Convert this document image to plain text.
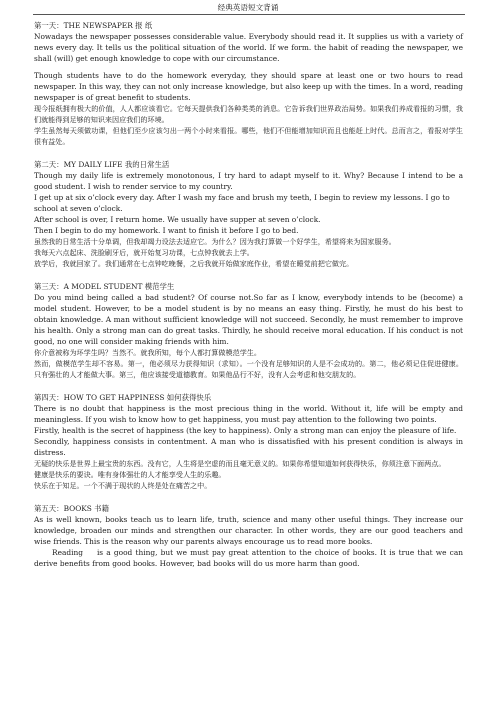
经典英语短文背诵

第一天：THE NEWSPAPER 报 纸

Nowadays the newspaper possesses considerable value. Everybody should read it. It supplies us with a variety of news every day. It tells us the political situation of the world. If we form. the habit of reading the newspaper, we shall (will) get enough knowledge to cope with our circumstance.

Though students have to do the homework everyday, they should spare at least one or two hours to read newspaper. In this way, they can not only increase knowledge, but also keep up with the times. In a word, reading newspaper is of great benefit to students.

现今报纸拥有极大的价值，人人都应该看它。它每天提供我们各种类类的消息。它告诉我们世界政治局势。如果我们养成看报的习惯，我们就能得到足够的知识来因应我们的环境。

学生虽然每天须做功课，但他们至少应该匀出一两个小时来看报。哪些，他们不但能增加知识而且也能赶上时代。总而言之，看报对学生很有益处。

第二天：MY DAILY LIFE 我的日常生活

Though my daily life is extremely monotonous, I try hard to adapt myself to it. Why? Because I intend to be a good student. I wish to render service to my country.

I get up at six o’clock every day. After I wash my face and brush my teeth, I begin to review my lessons. I go to school at seven o’clock.

After school is over, I return home. We usually have supper at seven o’clock.

Then I begin to do my homework. I want to finish it before I go to bed.

虽然我的日常生活十分单调，但我却竭力设法去适应它。为什么？因为我打算做一个好学生，希望将来为国家服务。

我每天六点起床、洗脸刷牙后，就开始复习功课，七点钟我就去上学。

放学后，我就回家了。我们通常在七点钟吃晚餐，之后我就开始做家庭作业，希望在睡觉前把它做完。

第三天：A MODEL STUDENT 模范学生

Do you mind being called a bad student? Of course not.So far as I know, everybody intends to be (become) a model student. However, to be a model student is by no means an easy thing. Firstly, he must do his best to obtain knowledge. A man without sufficient knowledge will not succeed. Secondly, he must remember to improve his health. Only a strong man can do great tasks. Thirdly, he should receive moral education. If his conduct is not good, no one will consider making friends with him.

你介意被称为坏学生吗？当然不。就我所知，每个人都打算做模范学生。

然而，做模范学生却不容易。第一，他必须尽力获得知识（求知）。一个没有足够知识的人是不会成功的。第二，他必须记住促进健康。只有强壮的人才能做大事。第三，他应该接受道德教育。如果他品行不好，没有人会考虑和他交朋友的。

第四天：HOW TO GET HAPPINESS 如何获得快乐

There is no doubt that happiness is the most precious thing in the world. Without it, life will be empty and meaningless. If you wish to know how to get happiness, you must pay attention to the following two points.

Firstly, health is the secret of happiness (the key to happiness). Only a strong man can enjoy the pleasure of life.

Secondly, happiness consists in contentment. A man who is dissatisfied with his present condition is always in distress.

无疑的快乐是世界上最宝贵的东西。没有它，人生将是空虚的而且毫无意义的。如果你希望知道如何获得快乐，你须注意下面两点。

健康是快乐的要诀。唯有身体强壮的人才能享受人生的乐趣。

快乐在于知足。一个不满于现状的人终是处在痛苦之中。

第五天：BOOKS 书籍

As is well known, books teach us to learn life, truth, science and many other useful things. They increase our knowledge, broaden our minds and strengthen our character. In other words, they are our good teachers and wise friends. This is the reason why our parents always encourage us to read more books.

Reading is a good thing, but we must pay great attention to the choice of books. It is true that we can derive benefits from good books. However, bad books will do us more harm than good.
